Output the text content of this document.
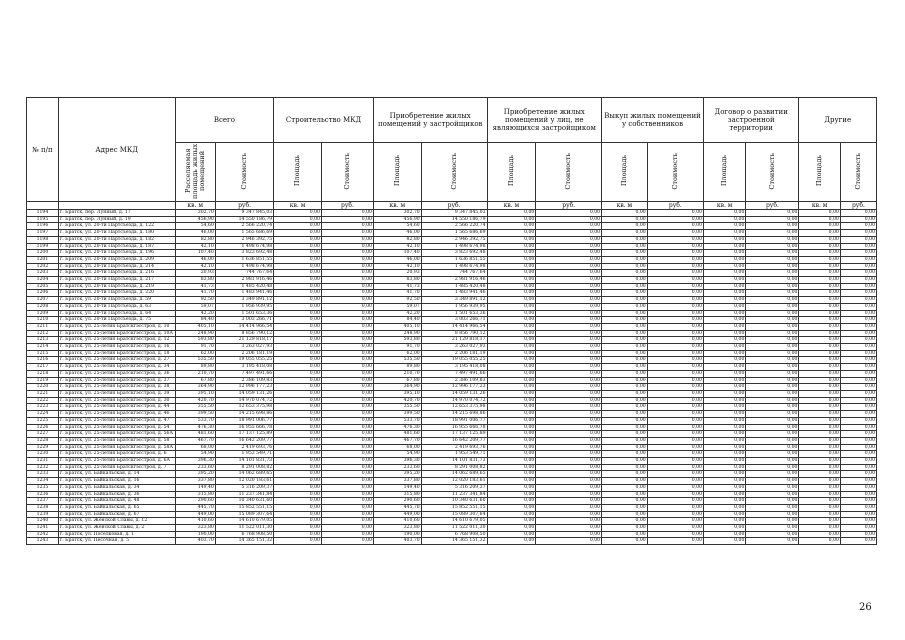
№ п/п	Адрес МКД	Всего		Строительство МКД		Приобретение жилых помещений у застройщиков		Приобретение жилых помещений у лиц, не являющихся застройщиком		Выкуп жилых помещений у собственников		Договор о развитии застроенной территории		Другие	
		Расселяемая площадь жилых помещений	Стоимость	Площадь	Стоимость	Площадь	Стоимость	Площадь	Стоимость	Площадь	Стоимость	Площадь	Стоимость	Площадь	Стоимость
		кв. м	руб.	кв. м	руб.	кв. м	руб.	кв. м	руб.	кв. м	руб.	кв. м	руб.	кв. м	руб.
1194	г. Братск, пер. Лунный, д. 17	302,70	9 347 845,03	0,00	0,00	302,70	9 347 845,03	0,00	0,00	0,00	0,00	0,00	0,00	0,00	0,00
1195	г. Братск, пер. Лунный, д. 19	456,90	14 550 186,79	0,00	0,00	456,90	14 550 186,79	0,00	0,00	0,00	0,00	0,00	0,00	0,00	0,00
1196	г. Братск, ул. 20-ти Партсъезда, д. 122	54,60	2 566 220,74	0,00	0,00	54,60	2 566 220,74	0,00	0,00	0,00	0,00	0,00	0,00	0,00	0,00
1197	г. Братск, ул. 20-ти Партсъезда, д. 180	46,00	1 565 686,69	0,00	0,00	46,00	1 565 686,69	0,00	0,00	0,00	0,00	0,00	0,00	0,00	0,00
1198	г. Братск, ул. 20-ти Партсъезда, д. 182	82,80	2 946 392,75	0,00	0,00	82,80	2 946 392,75	0,00	0,00	0,00	0,00	0,00	0,00	0,00	0,00
1199	г. Братск, ул. 20-ти Партсъезда, д. 187	42,10	1 498 674,98	0,00	0,00	42,10	1 498 674,98	0,00	0,00	0,00	0,00	0,00	0,00	0,00	0,00
1200	г. Братск, ул. 20-ти Партсъезда, д. 196	107,40	3 823 692,48	0,00	0,00	107,40	3 823 692,48	0,00	0,00	0,00	0,00	0,00	0,00	0,00	0,00
1201	г. Братск, ул. 20-ти Партсъезда, д. 209	46,00	1 636 851,55	0,00	0,00	46,00	1 636 851,55	0,00	0,00	0,00	0,00	0,00	0,00	0,00	0,00
1202	г. Братск, ул. 20-ти Партсъезда, д. 214	42,10	1 498 674,98	0,00	0,00	42,10	1 498 674,98	0,00	0,00	0,00	0,00	0,00	0,00	0,00	0,00
1203	г. Братск, ул. 20-ти Партсъезда, д. 216	20,93	744 767,64	0,00	0,00	20,93	744 767,64	0,00	0,00	0,00	0,00	0,00	0,00	0,00	0,00
1204	г. Братск, ул. 20-ти Партсъезда, д. 217	83,80	2 981 916,46	0,00	0,00	83,80	2 981 916,46	0,00	0,00	0,00	0,00	0,00	0,00	0,00	0,00
1205	г. Братск, ул. 20-ти Партсъезда, д. 219	41,73	1 485 420,48	0,00	0,00	41,73	1 485 420,48	0,00	0,00	0,00	0,00	0,00	0,00	0,00	0,00
1206	г. Братск, ул. 20-ти Партсъезда, д. 220	41,70	1 483 941,46	0,00	0,00	41,70	1 483 941,46	0,00	0,00	0,00	0,00	0,00	0,00	0,00	0,00
1207	г. Братск, ул. 20-ти Партсъезда, д. 59	92,50	3 349 891,12	0,00	0,00	92,50	3 349 891,12	0,00	0,00	0,00	0,00	0,00	0,00	0,00	0,00
1208	г. Братск, ул. 20-ти Партсъезда, д. 63	59,07	1 956 939,95	0,00	0,00	59,07	1 956 939,95	0,00	0,00	0,00	0,00	0,00	0,00	0,00	0,00
1209	г. Братск, ул. 20-ти Партсъезда, д. 64	42,20	1 501 653,36	0,00	0,00	42,20	1 501 653,36	0,00	0,00	0,00	0,00	0,00	0,00	0,00	0,00
1210	г. Братск, ул. 20-ти Партсъезда, д. 75	84,40	3 003 266,71	0,00	0,00	84,40	3 003 266,71	0,00	0,00	0,00	0,00	0,00	0,00	0,00	0,00
1211	г. Братск, ул. 25-летия Братскгэсстроя, д. 10	405,10	14 414 966,54	0,00	0,00	405,10	14 414 966,54	0,00	0,00	0,00	0,00	0,00	0,00	0,00	0,00
1212	г. Братск, ул. 25-летия Братскгэсстроя, д. 10А	248,90	8 856 790,12	0,00	0,00	248,90	8 856 790,12	0,00	0,00	0,00	0,00	0,00	0,00	0,00	0,00
1213	г. Братск, ул. 25-летия Братскгэсстроя, д. 12	593,80	21 129 818,17	0,00	0,00	593,80	21 129 818,17	0,00	0,00	0,00	0,00	0,00	0,00	0,00	0,00
1214	г. Братск, ул. 25-летия Братскгэсстроя, д. 16	91,70	3 263 027,93	0,00	0,00	91,70	3 263 027,93	0,00	0,00	0,00	0,00	0,00	0,00	0,00	0,00
1215	г. Братск, ул. 25-летия Братскгэсстроя, д. 18	62,00	2 206 181,19	0,00	0,00	62,00	2 206 181,19	0,00	0,00	0,00	0,00	0,00	0,00	0,00	0,00
1216	г. Братск, ул. 25-летия Братскгэсстроя, д. 27	535,50	19 055 055,25	0,00	0,00	535,50	19 055 055,25	0,00	0,00	0,00	0,00	0,00	0,00	0,00	0,00
1217	г. Братск, ул. 25-летия Братскгэсстроя, д. 34	89,80	3 195 418,08	0,00	0,00	89,80	3 195 418,08	0,00	0,00	0,00	0,00	0,00	0,00	0,00	0,00
1218	г. Братск, ул. 25-летия Братскгэсстроя, д. 36	210,70	7 497 491,66	0,00	0,00	210,70	7 497 491,66	0,00	0,00	0,00	0,00	0,00	0,00	0,00	0,00
1219	г. Братск, ул. 25-летия Братскгэсстроя, д. 37	67,80	2 386 109,83	0,00	0,00	67,80	2 386 109,83	0,00	0,00	0,00	0,00	0,00	0,00	0,00	0,00
1220	г. Братск, ул. 25-летия Братскгэсстроя, д. 38	364,90	12 996 177,23	0,00	0,00	364,90	12 996 177,23	0,00	0,00	0,00	0,00	0,00	0,00	0,00	0,00
1221	г. Братск, ул. 25-летия Братскгэсстроя, д. 39	395,10	14 059 131,26	0,00	0,00	395,10	14 059 131,26	0,00	0,00	0,00	0,00	0,00	0,00	0,00	0,00
1222	г. Братск, ул. 25-летия Братскгэсстроя, д. 30	420,70	14 970 074,72	0,00	0,00	420,70	14 970 074,72	0,00	0,00	0,00	0,00	0,00	0,00	0,00	0,00
1223	г. Братск, ул. 25-летия Братскгэсстроя, д. 44	355,50	12 653 375,98	0,00	0,00	355,50	12 653 375,98	0,00	0,00	0,00	0,00	0,00	0,00	0,00	0,00
1224	г. Братск, ул. 25-летия Братскгэсстроя, д. 46	399,50	14 215 698,86	0,00	0,00	399,50	14 215 698,86	0,00	0,00	0,00	0,00	0,00	0,00	0,00	0,00
1225	г. Братск, ул. 25-летия Братскгэсстроя, д. 47	533,70	18 991 006,77	0,00	0,00	533,70	18 991 006,77	0,00	0,00	0,00	0,00	0,00	0,00	0,00	0,00
1226	г. Братск, ул. 25-летия Братскгэсстроя, д. 54	476,30	16 955 666,78	0,00	0,00	476,30	16 955 666,78	0,00	0,00	0,00	0,00	0,00	0,00	0,00	0,00
1227	г. Братск, ул. 25-летия Братскгэсстроя, д. 56А	481,60	17 137 125,89	0,00	0,00	481,60	17 137 125,89	0,00	0,00	0,00	0,00	0,00	0,00	0,00	0,00
1228	г. Братск, ул. 25-летия Братскгэсстроя, д. 58	467,70	16 642 209,77	0,00	0,00	467,70	16 642 209,77	0,00	0,00	0,00	0,00	0,00	0,00	0,00	0,00
1229	г. Братск, ул. 25-летия Братскгэсстроя, д. 58А	68,00	2 419 693,76	0,00	0,00	68,00	2 419 693,76	0,00	0,00	0,00	0,00	0,00	0,00	0,00	0,00
1230	г. Братск, ул. 25-летия Братскгэсстроя, д. 6	54,90	1 953 549,71	0,00	0,00	54,90	1 953 549,71	0,00	0,00	0,00	0,00	0,00	0,00	0,00	0,00
1231	г. Братск, ул. 25-летия Братскгэсстроя, д. 6А	396,30	14 101 831,73	0,00	0,00	396,30	14 101 831,73	0,00	0,00	0,00	0,00	0,00	0,00	0,00	0,00
1232	г. Братск, ул. 25-летия Братскгэсстроя, д. 7	233,60	8 291 008,82	0,00	0,00	233,60	8 291 008,82	0,00	0,00	0,00	0,00	0,00	0,00	0,00	0,00
1233	г. Братск, ул. Байкальская, д. 14	395,20	14 062 689,65	0,00	0,00	395,20	14 062 689,65	0,00	0,00	0,00	0,00	0,00	0,00	0,00	0,00
1234	г. Братск, ул. Байкальская, д. 16	337,80	12 020 183,61	0,00	0,00	337,80	12 020 183,61	0,00	0,00	0,00	0,00	0,00	0,00	0,00	0,00
1235	г. Братск, ул. Байкальская, д. 34	149,40	5 316 209,37	0,00	0,00	149,40	5 316 209,37	0,00	0,00	0,00	0,00	0,00	0,00	0,00	0,00
1236	г. Братск, ул. Байкальская, д. 36	315,80	11 237 341,84	0,00	0,00	315,80	11 237 341,84	0,00	0,00	0,00	0,00	0,00	0,00	0,00	0,00
1237	г. Братск, ул. Байкальская, д. 48	290,60	10 340 631,60	0,00	0,00	290,60	10 340 631,60	0,00	0,00	0,00	0,00	0,00	0,00	0,00	0,00
1238	г. Братск, ул. Байкальская, д. 65	445,70	15 852 551,15	0,00	0,00	445,70	15 852 551,15	0,00	0,00	0,00	0,00	0,00	0,00	0,00	0,00
1239	г. Братск, ул. Байкальская, д. 67	449,00	15 089 307,64	0,00	0,00	449,00	15 089 307,64	0,00	0,00	0,00	0,00	0,00	0,00	0,00	0,00
1240	г. Братск, ул. Женской Славы, д. 12	410,60	14 610 679,05	0,00	0,00	410,60	14 610 679,05	0,00	0,00	0,00	0,00	0,00	0,00	0,00	0,00
1241	г. Братск, ул. Женской Славы, д. 2	323,80	11 522 011,30	0,00	0,00	323,80	11 522 011,30	0,00	0,00	0,00	0,00	0,00	0,00	0,00	0,00
1242	г. Братск, ул. Поселковая, д. 1	190,00	6 768 908,50	0,00	0,00	190,00	6 768 908,50	0,00	0,00	0,00	0,00	0,00	0,00	0,00	0,00
1243	г. Братск, ул. Песочная, д. 5	403,70	14 365 151,32	0,00	0,00	403,70	14 365 151,32	0,00	0,00	0,00	0,00	0,00	0,00	0,00	0,00
26
